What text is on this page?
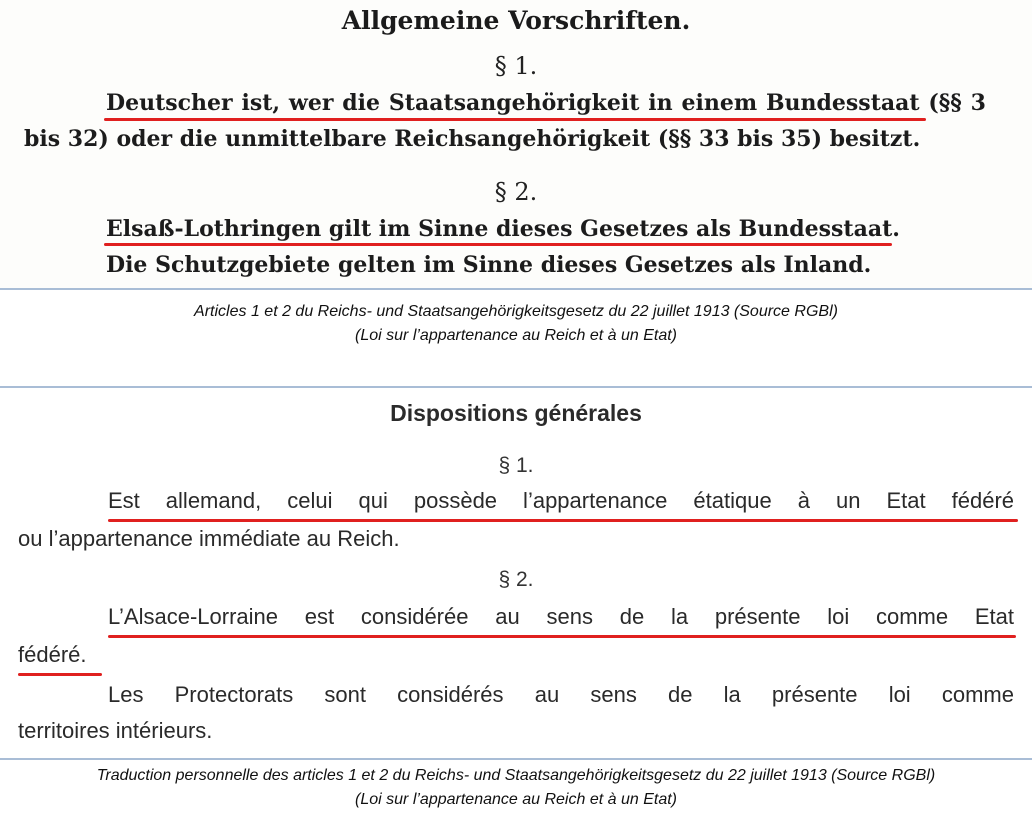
Allgemeine Vorschriften.
§ 1.
Deutscher ist, wer die Staatsangehörigkeit in einem Bundesstaat (§§ 3
bis 32) oder die unmittelbare Reichsangehörigkeit (§§ 33 bis 35) besitzt.
§ 2.
Elsaß-Lothringen gilt im Sinne dieses Gesetzes als Bundesstaat.
Die Schutzgebiete gelten im Sinne dieses Gesetzes als Inland.
Articles 1 et 2 du Reichs- und Staatsangehörigkeitsgesetz du 22 juillet 1913 (Source RGBl)
(Loi sur l’appartenance au Reich et à un Etat)
Dispositions générales
§ 1.
Est allemand, celui qui possède l’appartenance étatique à un Etat fédéré
ou l’appartenance immédiate au Reich.
§ 2.
L’Alsace-Lorraine est considérée au sens de la présente loi comme Etat
fédéré.
Les Protectorats sont considérés au sens de la présente loi comme
territoires intérieurs.
Traduction personnelle des articles 1 et 2 du Reichs- und Staatsangehörigkeitsgesetz du 22 juillet 1913 (Source RGBl)
(Loi sur l’appartenance au Reich et à un Etat)
